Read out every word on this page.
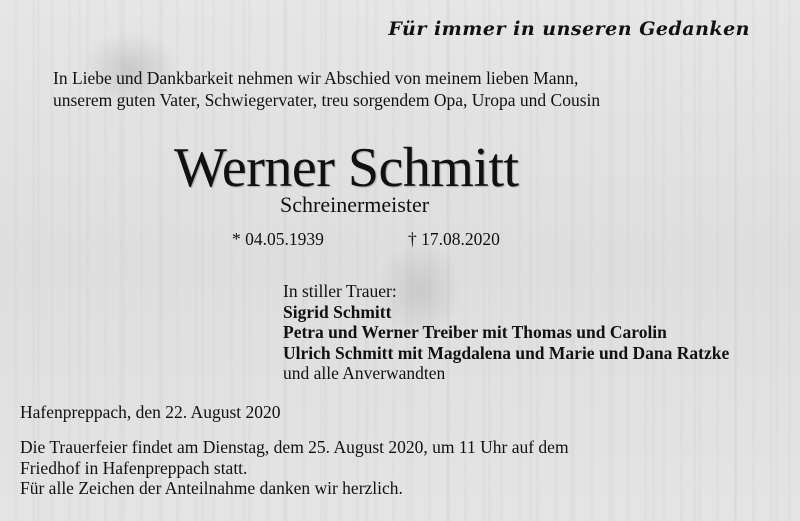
Für immer in unseren Gedanken

In Liebe und Dankbarkeit nehmen wir Abschied von meinem lieben Mann,
unserem guten Vater, Schwiegervater, treu sorgendem Opa, Uropa und Cousin
Werner Schmitt
Schreinermeister
* 04.05.1939	† 17.08.2020
In stiller Trauer:
Sigrid Schmitt
Petra und Werner Treiber mit Thomas und Carolin
Ulrich Schmitt mit Magdalena und Marie und Dana Ratzke
und alle Anverwandten
Hafenpreppach, den 22. August 2020
Die Trauerfeier findet am Dienstag, dem 25. August 2020, um 11 Uhr auf dem
Friedhof in Hafenpreppach statt.
Für alle Zeichen der Anteilnahme danken wir herzlich.
